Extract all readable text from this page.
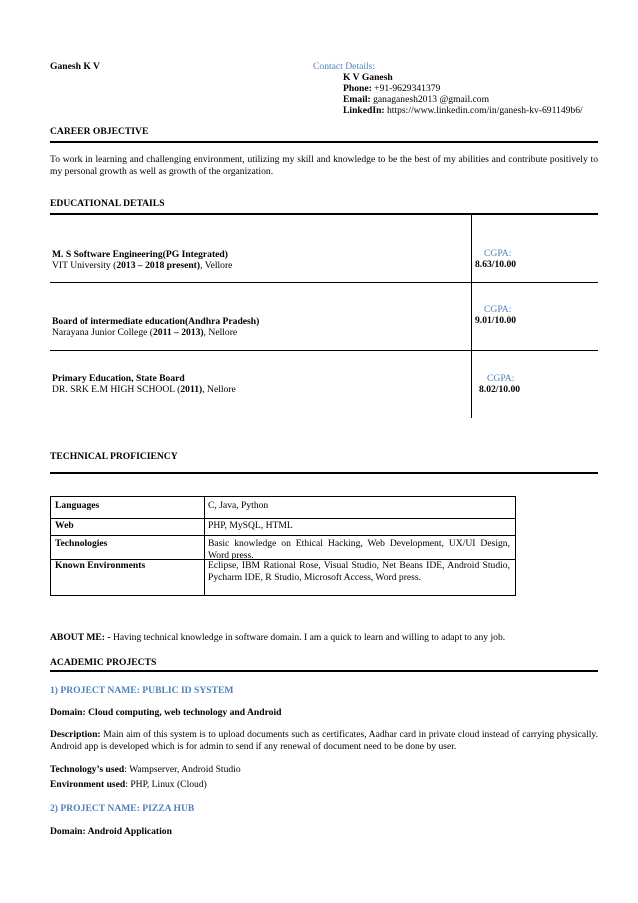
Ganesh K V	Contact Details:
K V Ganesh
Phone: +91-9629341379
Email: ganaganesh2013 @gmail.com
LinkedIn: https://www.linkedin.com/in/ganesh-kv-691149b6/
CAREER OBJECTIVE
To work in learning and challenging environment, utilizing my skill and knowledge to be the best of my abilities and contribute positively to my personal growth as well as growth of the organization.
EDUCATIONAL DETAILS
M. S Software Engineering(PG Integrated)
VIT University (2013 – 2018 present), Vellore
CGPA:
8.63/10.00
Board of intermediate education(Andhra Pradesh)
Narayana Junior College (2011 – 2013), Nellore
CGPA:
9.01/10.00
Primary Education, State Board
DR. SRK E.M HIGH SCHOOL (2011), Nellore
CGPA:
8.02/10.00
TECHNICAL PROFICIENCY
Languages	C, Java, Python
Web	PHP, MySQL, HTML
Technologies	Basic knowledge on Ethical Hacking, Web Development, UX/UI Design, Word press.
Known Environments	Eclipse, IBM Rational Rose, Visual Studio, Net Beans IDE, Android Studio, Pycharm IDE, R Studio, Microsoft Access, Word press.
ABOUT ME: - Having technical knowledge in software domain. I am a quick to learn and willing to adapt to any job.
ACADEMIC PROJECTS
1) PROJECT NAME: PUBLIC ID SYSTEM
Domain: Cloud computing, web technology and Android
Description: Main aim of this system is to upload documents such as certificates, Aadhar card in private cloud instead of carrying physically. Android app is developed which is for admin to send if any renewal of document need to be done by user.
Technology’s used: Wampserver, Android Studio
Environment used: PHP, Linux (Cloud)
2) PROJECT NAME: PIZZA HUB
Domain: Android Application
